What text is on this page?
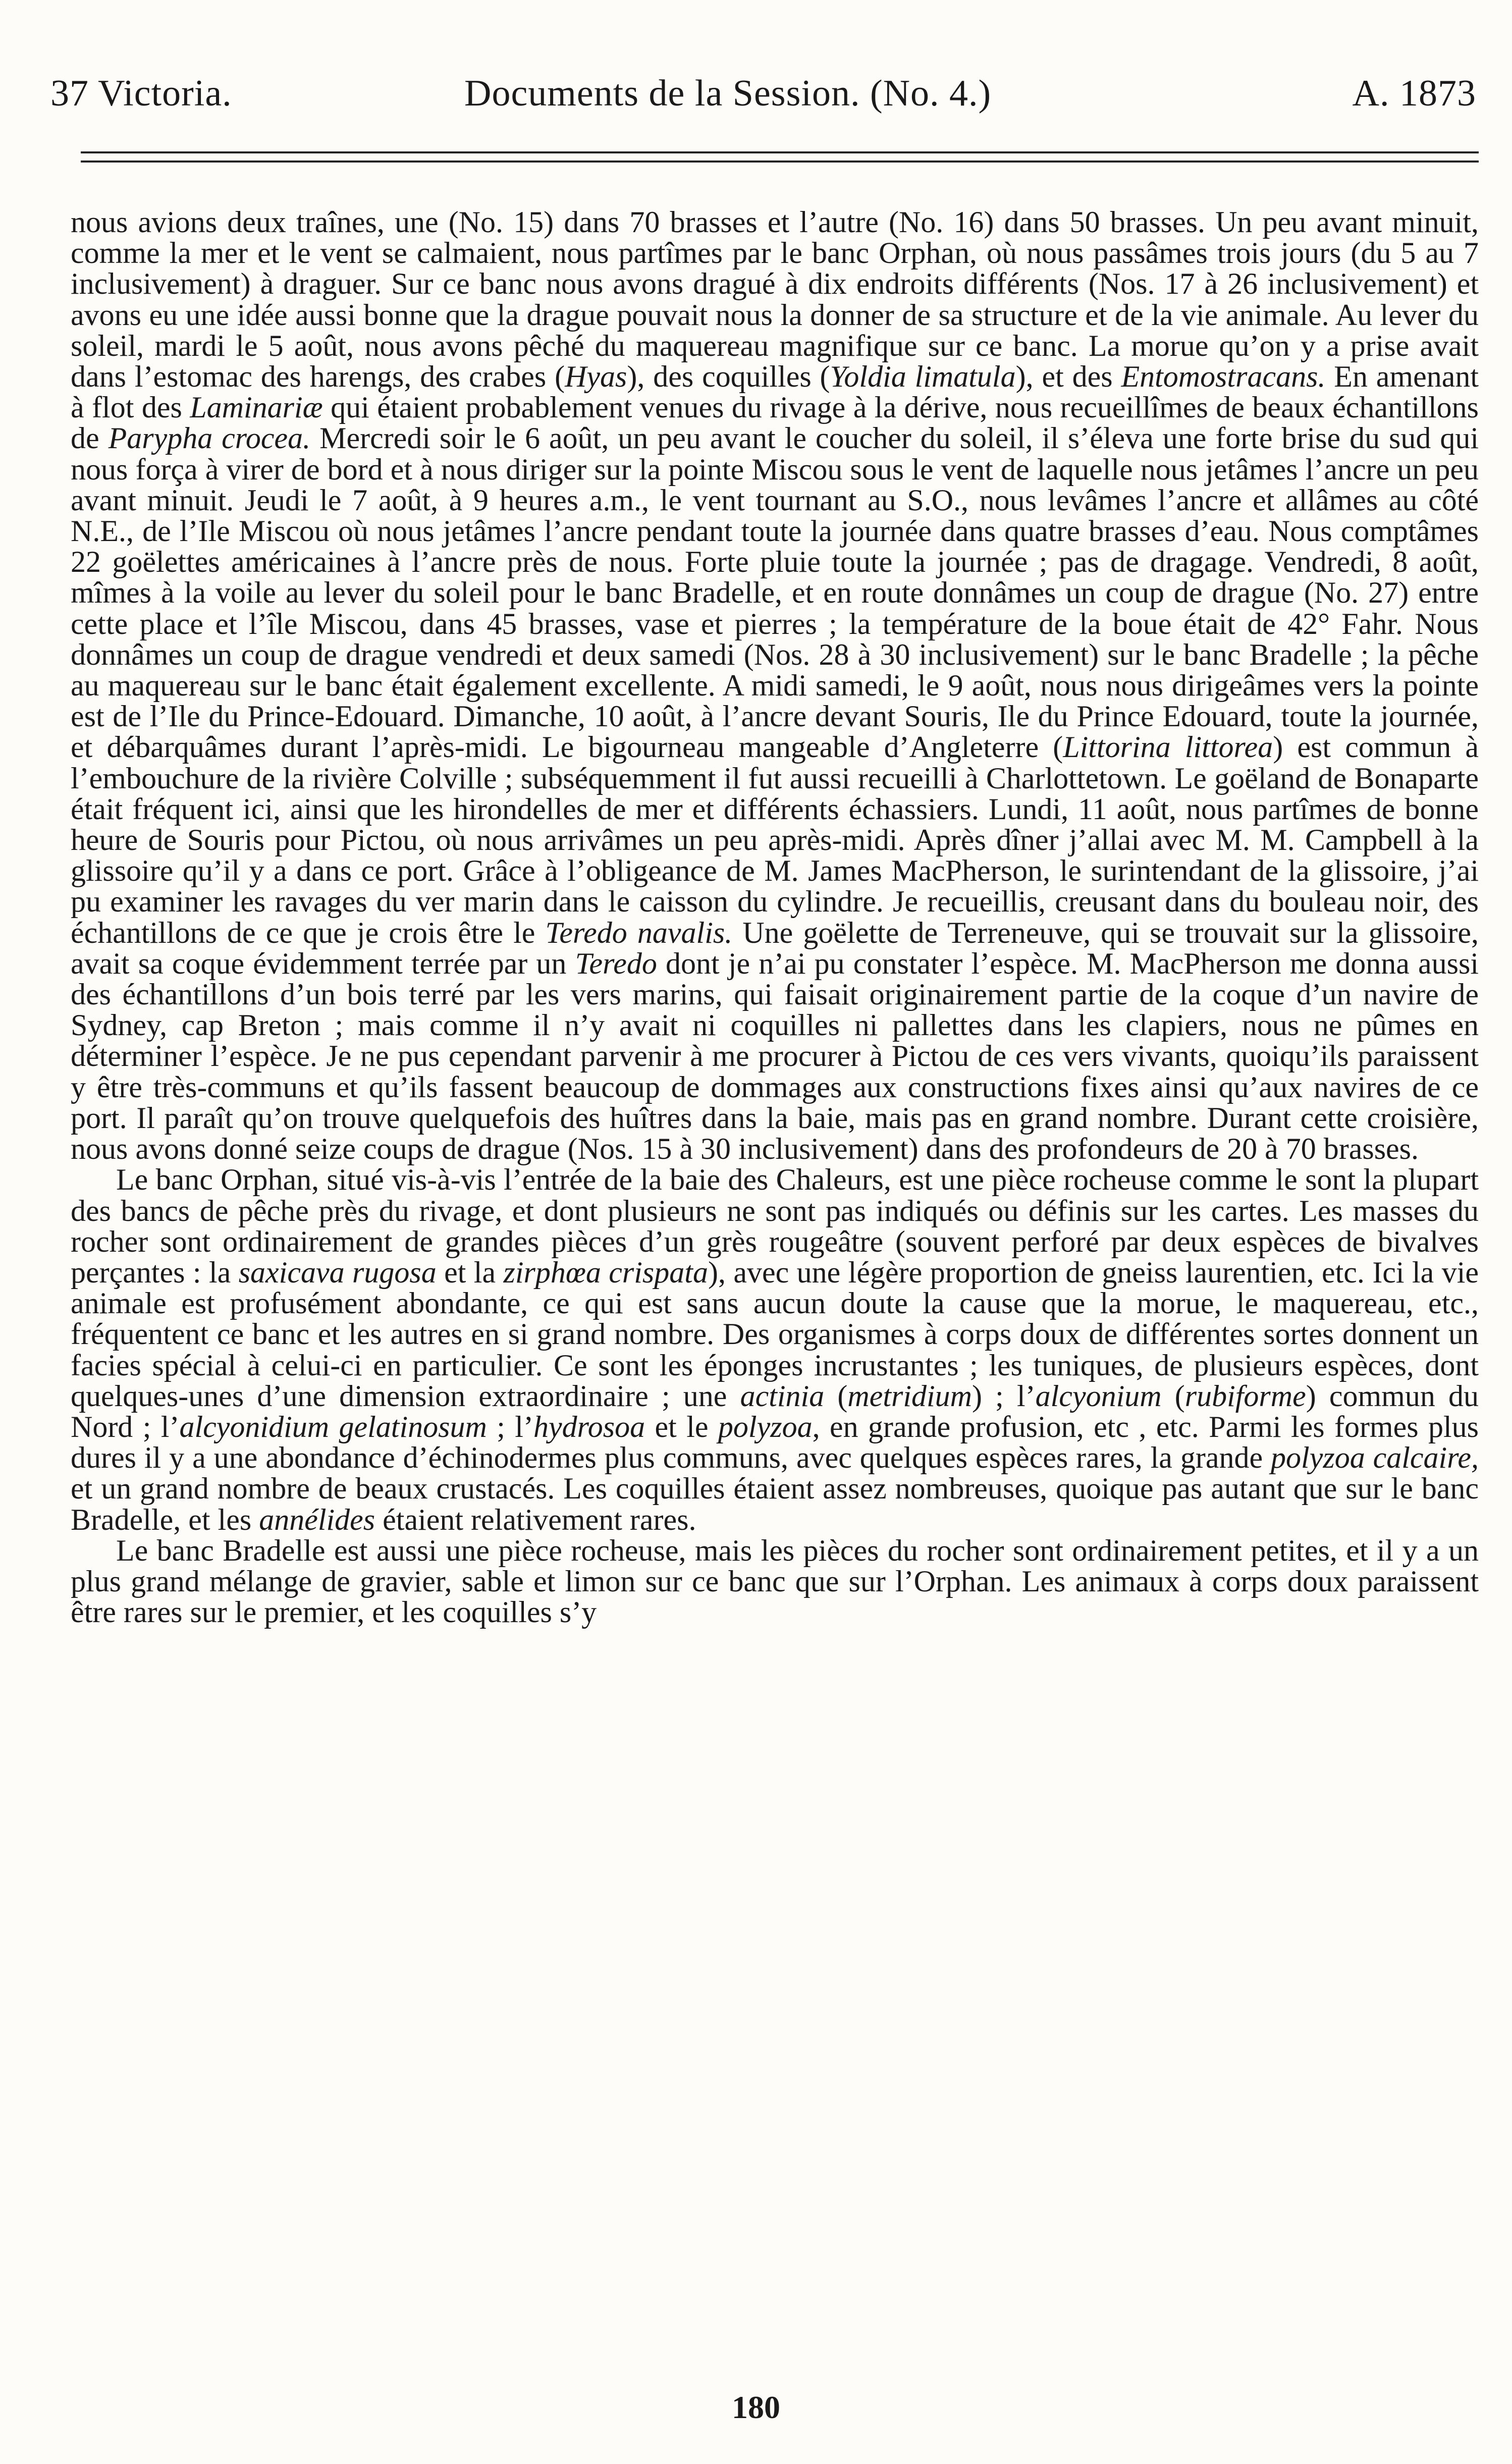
37 Victoria.	Documents de la Session. (No. 4.)	A. 1873

nous avions deux traînes, une (No. 15) dans 70 brasses et l’autre (No. 16) dans 50 brasses. Un peu avant minuit, comme la mer et le vent se calmaient, nous partîmes par le banc Orphan, où nous passâmes trois jours (du 5 au 7 inclusivement) à draguer. Sur ce banc nous avons dragué à dix endroits différents (Nos. 17 à 26 inclusivement) et avons eu une idée aussi bonne que la drague pouvait nous la donner de sa structure et de la vie animale. Au lever du soleil, mardi le 5 août, nous avons pêché du maquereau magnifique sur ce banc. La morue qu’on y a prise avait dans l’estomac des harengs, des crabes (Hyas), des coquilles (Yoldia limatula), et des Entomostracans. En amenant à flot des Laminariæ qui étaient probablement venues du rivage à la dérive, nous recueillîmes de beaux échantillons de Parypha crocea. Mercredi soir le 6 août, un peu avant le coucher du soleil, il s’éleva une forte brise du sud qui nous força à virer de bord et à nous diriger sur la pointe Miscou sous le vent de laquelle nous jetâmes l’ancre un peu avant minuit. Jeudi le 7 août, à 9 heures a.m., le vent tournant au S.O., nous levâmes l’ancre et allâmes au côté N.E., de l’Ile Miscou où nous jetâmes l’ancre pendant toute la journée dans quatre brasses d’eau. Nous comptâmes 22 goëlettes américaines à l’ancre près de nous. Forte pluie toute la journée ; pas de dragage. Vendredi, 8 août, mîmes à la voile au lever du soleil pour le banc Bradelle, et en route donnâmes un coup de drague (No. 27) entre cette place et l’île Miscou, dans 45 brasses, vase et pierres ; la température de la boue était de 42° Fahr. Nous donnâmes un coup de drague vendredi et deux samedi (Nos. 28 à 30 inclusivement) sur le banc Bradelle ; la pêche au maquereau sur le banc était également excellente. A midi samedi, le 9 août, nous nous dirigeâmes vers la pointe est de l’Ile du Prince-Edouard. Dimanche, 10 août, à l’ancre devant Souris, Ile du Prince Edouard, toute la journée, et débarquâmes durant l’après-midi. Le bigourneau mangeable d’Angleterre (Littorina littorea) est commun à l’embouchure de la rivière Colville ; subséquemment il fut aussi recueilli à Charlottetown. Le goëland de Bonaparte était fréquent ici, ainsi que les hirondelles de mer et différents échassiers. Lundi, 11 août, nous partîmes de bonne heure de Souris pour Pictou, où nous arrivâmes un peu après-midi. Après dîner j’allai avec M. M. Campbell à la glissoire qu’il y a dans ce port. Grâce à l’obligeance de M. James MacPherson, le surintendant de la glissoire, j’ai pu examiner les ravages du ver marin dans le caisson du cylindre. Je recueillis, creusant dans du bouleau noir, des échantillons de ce que je crois être le Teredo navalis. Une goëlette de Terreneuve, qui se trouvait sur la glissoire, avait sa coque évidemment terrée par un Teredo dont je n’ai pu constater l’espèce. M. MacPherson me donna aussi des échantillons d’un bois terré par les vers marins, qui faisait originairement partie de la coque d’un navire de Sydney, cap Breton ; mais comme il n’y avait ni coquilles ni pallettes dans les clapiers, nous ne pûmes en déterminer l’espèce. Je ne pus cependant parvenir à me procurer à Pictou de ces vers vivants, quoiqu’ils paraissent y être très-communs et qu’ils fassent beaucoup de dommages aux constructions fixes ainsi qu’aux navires de ce port. Il paraît qu’on trouve quelquefois des huîtres dans la baie, mais pas en grand nombre. Durant cette croisière, nous avons donné seize coups de drague (Nos. 15 à 30 inclusivement) dans des profondeurs de 20 à 70 brasses.

Le banc Orphan, situé vis-à-vis l’entrée de la baie des Chaleurs, est une pièce rocheuse comme le sont la plupart des bancs de pêche près du rivage, et dont plusieurs ne sont pas indiqués ou définis sur les cartes. Les masses du rocher sont ordinairement de grandes pièces d’un grès rougeâtre (souvent perforé par deux espèces de bivalves perçantes : la saxicava rugosa et la zirphœa crispata), avec une légère proportion de gneiss laurentien, etc. Ici la vie animale est profusément abondante, ce qui est sans aucun doute la cause que la morue, le maquereau, etc., fréquentent ce banc et les autres en si grand nombre. Des organismes à corps doux de différentes sortes donnent un facies spécial à celui-ci en particulier. Ce sont les éponges incrustantes ; les tuniques, de plusieurs espèces, dont quelques-unes d’une dimension extraordinaire ; une actinia (metridium) ; l’alcyonium (rubiforme) commun du Nord ; l’alcyonidium gelatinosum ; l’hydrosoa et le polyzoa, en grande profusion, etc , etc. Parmi les formes plus dures il y a une abondance d’échinodermes plus communs, avec quelques espèces rares, la grande polyzoa calcaire, et un grand nombre de beaux crustacés. Les coquilles étaient assez nombreuses, quoique pas autant que sur le banc Bradelle, et les annélides étaient relativement rares.

Le banc Bradelle est aussi une pièce rocheuse, mais les pièces du rocher sont ordinairement petites, et il y a un plus grand mélange de gravier, sable et limon sur ce banc que sur l’Orphan. Les animaux à corps doux paraissent être rares sur le premier, et les coquilles s’y

180
